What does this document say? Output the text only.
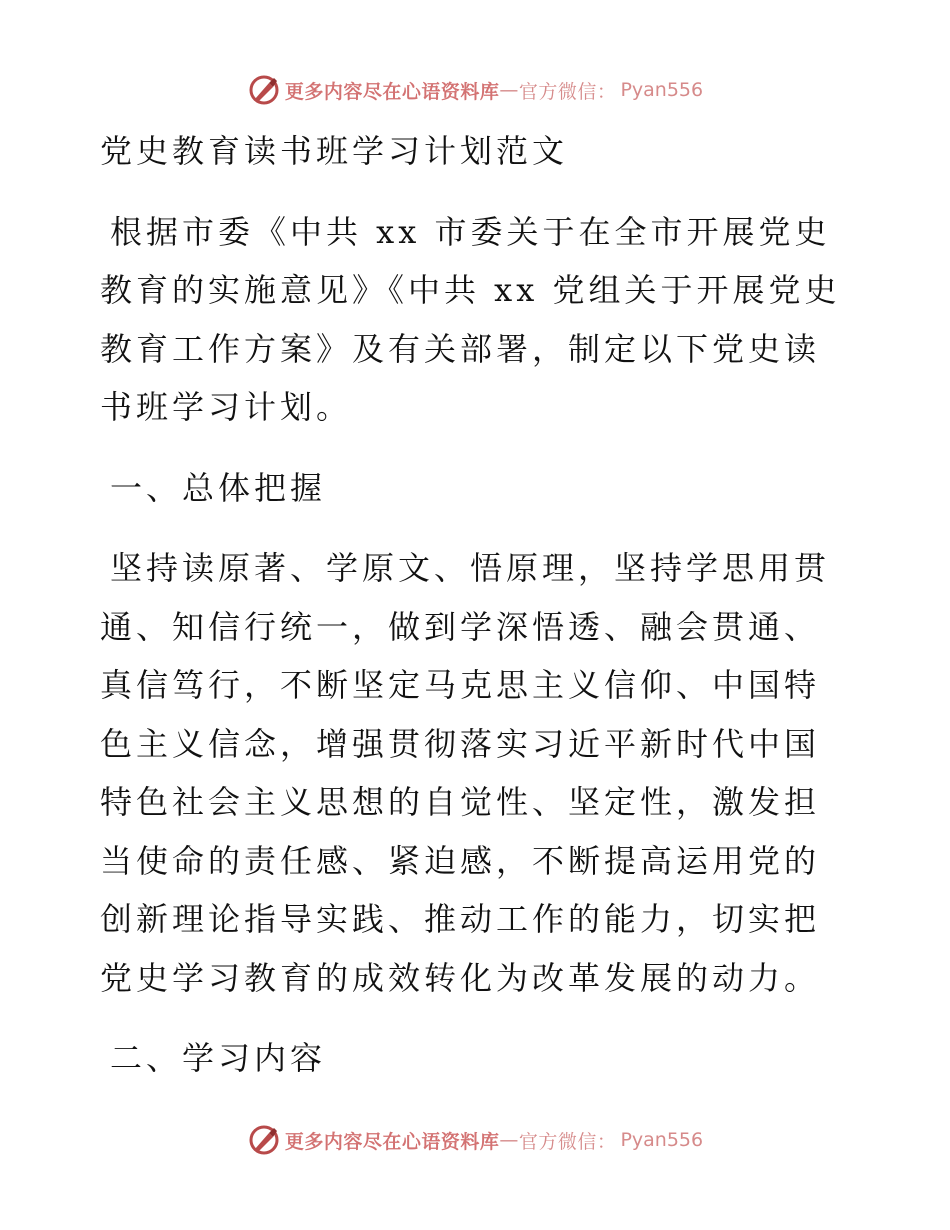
更多内容尽在心语资料库 — 官方微信： Pyan556

党史教育读书班学习计划范文

根据市委《中共 xx 市委关于在全市开展党史教育的实施意见》《中共 xx 党组关于开展党史教育工作方案》及有关部署，制定以下党史读书班学习计划。

一、总体把握

坚持读原著、学原文、悟原理，坚持学思用贯通、知信行统一，做到学深悟透、融会贯通、真信笃行，不断坚定马克思主义信仰、中国特色主义信念，增强贯彻落实习近平新时代中国特色社会主义思想的自觉性、坚定性，激发担当使命的责任感、紧迫感，不断提高运用党的创新理论指导实践、推动工作的能力，切实把党史学习教育的成效转化为改革发展的动力。

二、学习内容

更多内容尽在心语资料库 — 官方微信： Pyan556
